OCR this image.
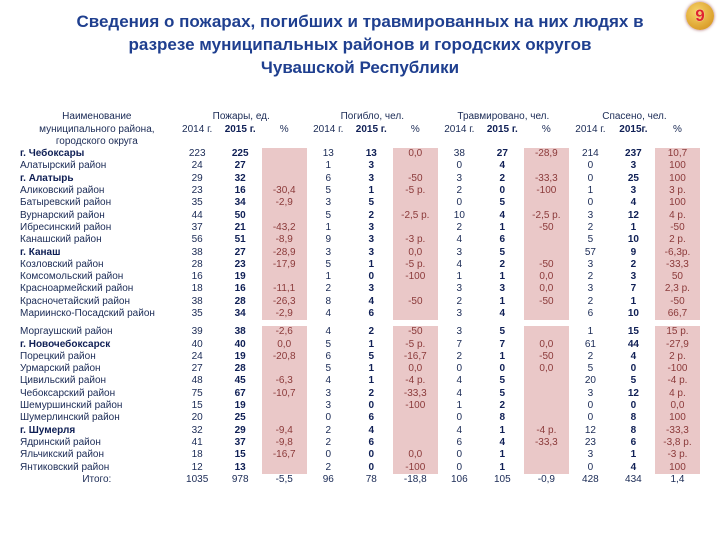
Сведения о пожарах, погибших и травмированных на них людях в
разрезе муниципальных районов и городских округов
Чувашской Республики
9
Наименование	Пожары, ед.			Погибло, чел.			Травмировано, чел.			Спасено, чел.		
муниципального района,	2014 г.	2015 г.	%	2014 г.	2015 г.	%	2014 г.	2015 г.	%	2014 г.	2015г.	%
городского округа												
г. Чебоксары	223	225		13	13	0,0	38	27	-28,9	214	237	10,7
Алатырский район	24	27		1	3		0	4		0	3	100
г. Алатырь	29	32		6	3	-50	3	2	-33,3	0	25	100
Аликовский район	23	16	-30,4	5	1	-5 р.	2	0	-100	1	3	3 р.
Батыревский район	35	34	-2,9	3	5		0	5		0	4	100
Вурнарский район	44	50		5	2	-2,5 р.	10	4	-2,5 р.	3	12	4 р.
Ибресинский район	37	21	-43,2	1	3		2	1	-50	2	1	-50
Канашский район	56	51	-8,9	9	3	-3 р.	4	6		5	10	2 р.
г. Канаш	38	27	-28,9	3	3	0,0	3	5		57	9	-6,3р.
Козловский район	28	23	-17,9	5	1	-5 р.	4	2	-50	3	2	-33,3
Комсомольский район	16	19		1	0	-100	1	1	0,0	2	3	50
Красноармейский район	18	16	-11,1	2	3		3	3	0,0	3	7	2,3 р.
Красночетайский район	38	28	-26,3	8	4	-50	2	1	-50	2	1	-50
Мариинско-Посадский район	35	34	-2,9	4	6		3	4		6	10	66,7

Моргаушский район	39	38	-2,6	4	2	-50	3	5		1	15	15 р.
г. Новочебоксарск	40	40	0,0	5	1	-5 р.	7	7	0,0	61	44	-27,9
Порецкий район	24	19	-20,8	6	5	-16,7	2	1	-50	2	4	2 р.
Урмарский район	27	28		5	1	0,0	0	0	0,0	5	0	-100
Цивильский район	48	45	-6,3	4	1	-4 р.	4	5		20	5	-4 р.
Чебоксарский район	75	67	-10,7	3	2	-33,3	4	5		3	12	4 р.
Шемуршинский район	15	19		3	0	-100	1	2		0	0	0,0
Шумерлинский район	20	25		0	6		0	8		0	8	100
г. Шумерля	32	29	-9,4	2	4		4	1	-4 р.	12	8	-33,3
Ядринский район	41	37	-9,8	2	6		6	4	-33,3	23	6	-3,8 р.
Яльчикский район	18	15	-16,7	0	0	0,0	0	1		3	1	-3 р.
Янтиковский район	12	13		2	0	-100	0	1		0	4	100
Итого:	1035	978	-5,5	96	78	-18,8	106	105	-0,9	428	434	1,4
